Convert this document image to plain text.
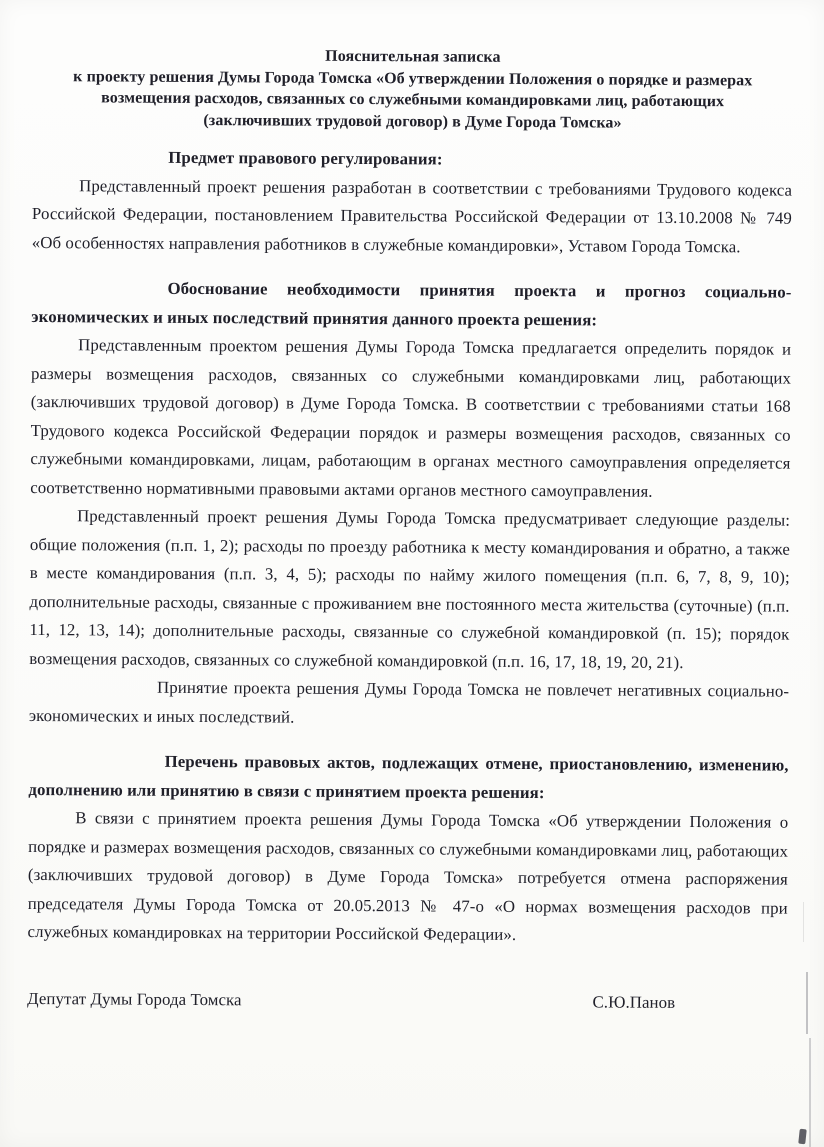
Пояснительная записка
к проекту решения Думы Города Томска «Об утверждении Положения о порядке и размерах возмещения расходов, связанных со служебными командировками лиц, работающих (заключивших трудовой договор) в Думе Города Томска»

Предмет правового регулирования:

Представленный проект решения разработан в соответствии с требованиями Трудового кодекса Российской Федерации, постановлением Правительства Российской Федерации от 13.10.2008 № 749 «Об особенностях направления работников в служебные командировки», Уставом Города Томска.

Обоснование необходимости принятия проекта и прогноз социально-экономических и иных последствий принятия данного проекта решения:

Представленным проектом решения Думы Города Томска предлагается определить порядок и размеры возмещения расходов, связанных со служебными командировками лиц, работающих (заключивших трудовой договор) в Думе Города Томска. В соответствии с требованиями статьи 168 Трудового кодекса Российской Федерации порядок и размеры возмещения расходов, связанных со служебными командировками, лицам, работающим в органах местного самоуправления определяется соответственно нормативными правовыми актами органов местного самоуправления.

Представленный проект решения Думы Города Томска предусматривает следующие разделы: общие положения (п.п. 1, 2); расходы по проезду работника к месту командирования и обратно, а также в месте командирования (п.п. 3, 4, 5); расходы по найму жилого помещения (п.п. 6, 7, 8, 9, 10); дополнительные расходы, связанные с проживанием вне постоянного места жительства (суточные) (п.п. 11, 12, 13, 14); дополнительные расходы, связанные со служебной командировкой (п. 15); порядок возмещения расходов, связанных со служебной командировкой (п.п. 16, 17, 18, 19, 20, 21).

Принятие проекта решения Думы Города Томска не повлечет негативных социально-экономических и иных последствий.

Перечень правовых актов, подлежащих отмене, приостановлению, изменению, дополнению или принятию в связи с принятием проекта решения:

В связи с принятием проекта решения Думы Города Томска «Об утверждении Положения о порядке и размерах возмещения расходов, связанных со служебными командировками лиц, работающих (заключивших трудовой договор) в Думе Города Томска» потребуется отмена распоряжения председателя Думы Города Томска от 20.05.2013 № 47-о «О нормах возмещения расходов при служебных командировках на территории Российской Федерации».

Депутат Думы Города Томска	С.Ю.Панов
